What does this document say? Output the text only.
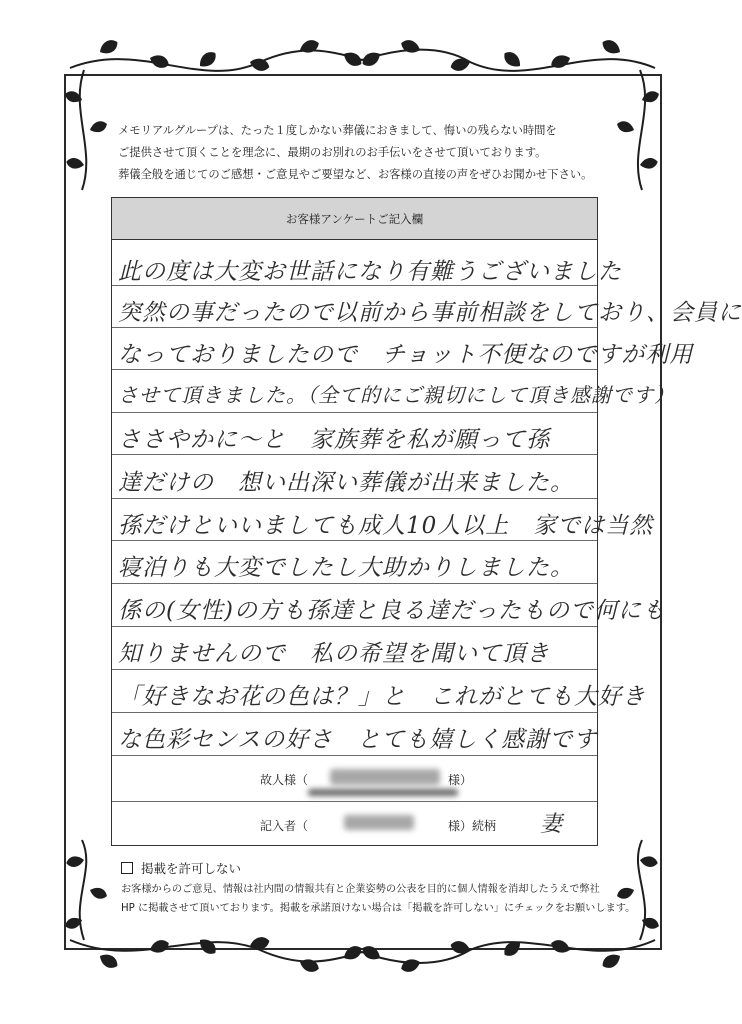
メモリアルグループは、たった１度しかない葬儀におきまして、悔いの残らない時間を
ご提供させて頂くことを理念に、最期のお別れのお手伝いをさせて頂いております。
葬儀全般を通じてのご感想・ご意見やご要望など、お客様の直接の声をぜひお聞かせ下さい。
お客様アンケートご記入欄
此の度は大変お世話になり有難うございました
突然の事だったので以前から事前相談をしており、会員に
なっておりましたので　チョット不便なのですが利用
させて頂きました。（全て的にご親切にして頂き感謝です）
ささやかに〜と　家族葬を私が願って孫
達だけの　想い出深い葬儀が出来ました。
孫だけといいましても成人10人以上　家では当然
寝泊りも大変でしたし大助かりしました。
係の(女性)の方も孫達と良る達だったもので何にも
知りませんので　私の希望を聞いて頂き
「好きなお花の色は？」と　これがとても大好き
な色彩センスの好さ　とても嬉しく感謝です
故人様（	様）
記入者（	様）続柄 妻
掲載を許可しない
お客様からのご意見、情報は社内間の情報共有と企業姿勢の公表を目的に個人情報を消却したうえで弊社
HP に掲載させて頂いております。掲載を承諾頂けない場合は「掲載を許可しない」にチェックをお願いします。
